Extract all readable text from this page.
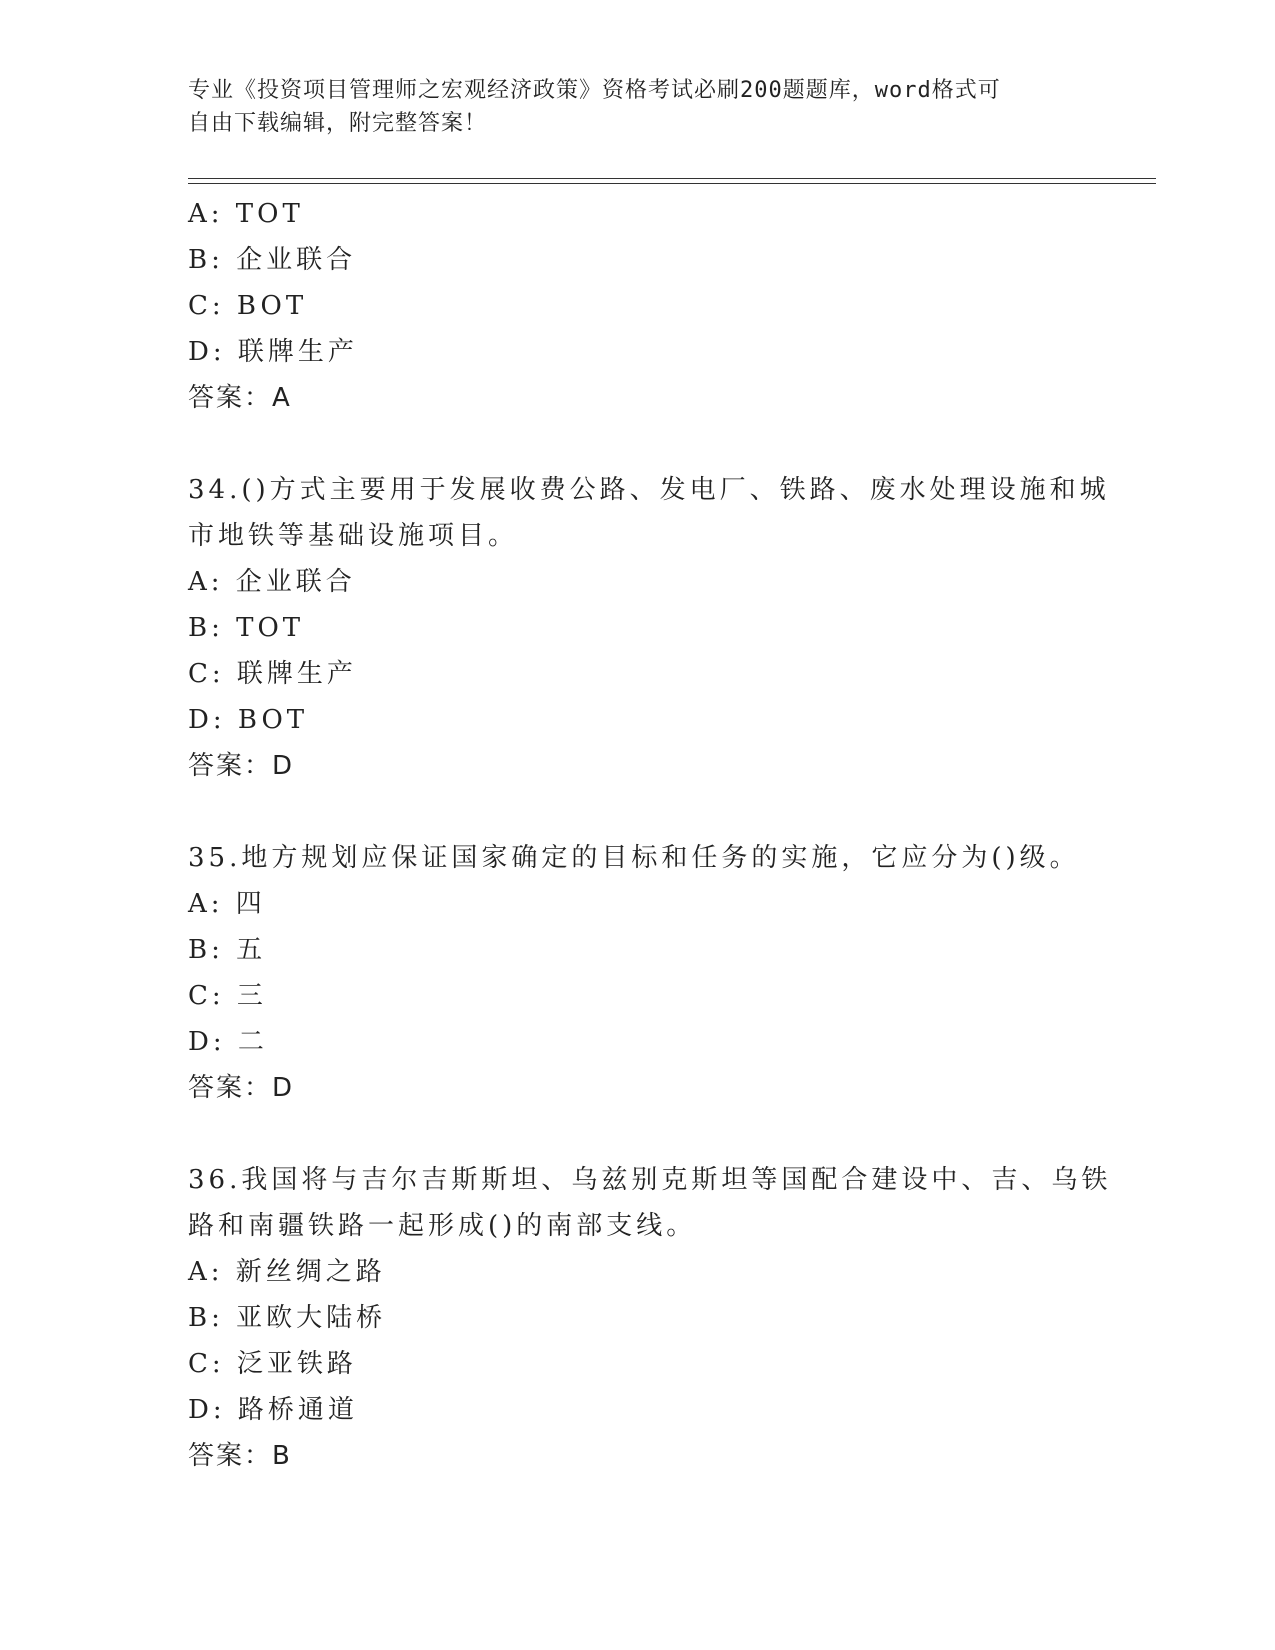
专业《投资项目管理师之宏观经济政策》资格考试必刷200题题库，word格式可
自由下载编辑，附完整答案！
A: TOT
B: 企业联合
C: BOT
D: 联牌生产
答案：A
34.()方式主要用于发展收费公路、发电厂、铁路、废水处理设施和城
市地铁等基础设施项目。
A: 企业联合
B: TOT
C: 联牌生产
D: BOT
答案：D
35.地方规划应保证国家确定的目标和任务的实施，它应分为()级。
A: 四
B: 五
C: 三
D: 二
答案：D
36.我国将与吉尔吉斯斯坦、乌兹别克斯坦等国配合建设中、吉、乌铁
路和南疆铁路一起形成()的南部支线。
A: 新丝绸之路
B: 亚欧大陆桥
C: 泛亚铁路
D: 路桥通道
答案：B
